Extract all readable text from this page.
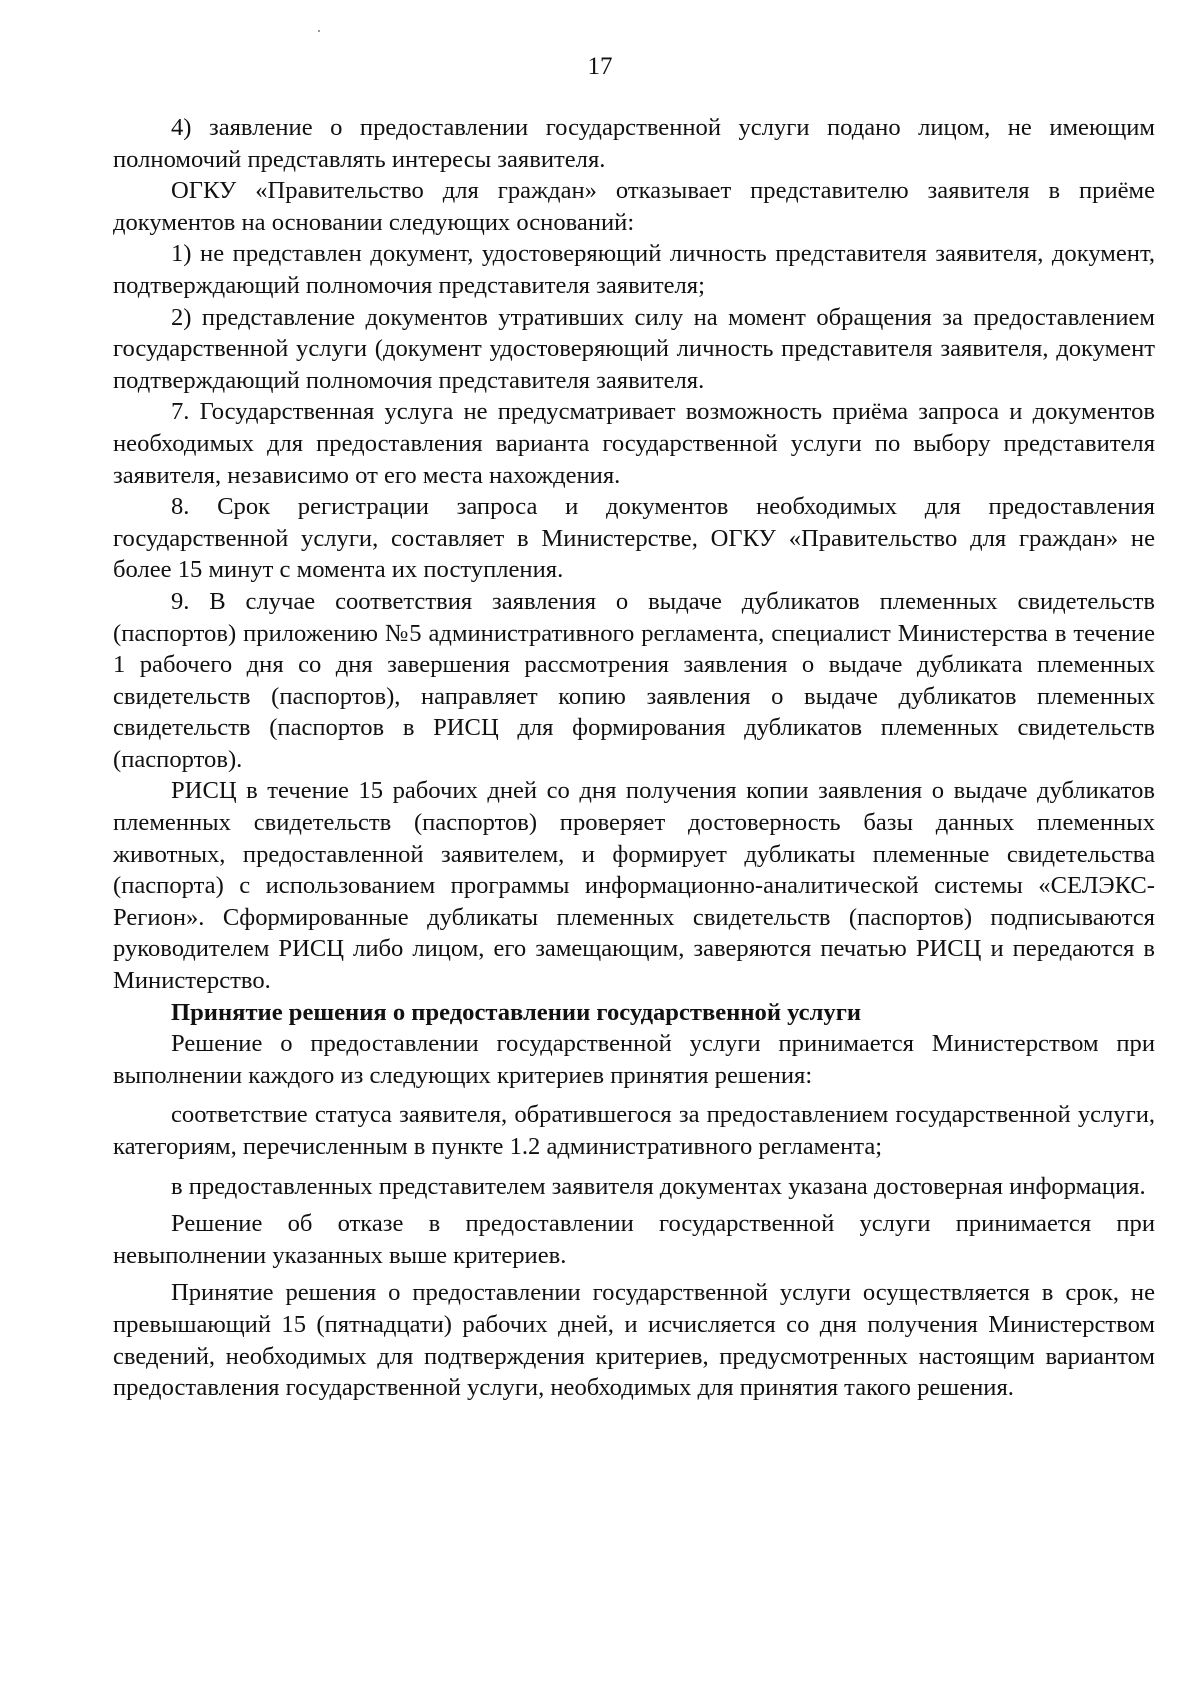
17

4) заявление о предоставлении государственной услуги подано лицом, не имеющим полномочий представлять интересы заявителя.

ОГКУ «Правительство для граждан» отказывает представителю заявителя в приёме документов на основании следующих оснований:

1) не представлен документ, удостоверяющий личность представителя заявителя, документ, подтверждающий полномочия представителя заявителя;

2) представление документов утративших силу на момент обращения за предоставлением государственной услуги (документ удостоверяющий личность представителя заявителя, документ подтверждающий полномочия представителя заявителя.

7. Государственная услуга не предусматривает возможность приёма запроса и документов необходимых для предоставления варианта государственной услуги по выбору представителя заявителя, независимо от его места нахождения.

8. Срок регистрации запроса и документов необходимых для предоставления государственной услуги, составляет в Министерстве, ОГКУ «Правительство для граждан» не более 15 минут с момента их поступления.

9. В случае соответствия заявления о выдаче дубликатов племенных свидетельств (паспортов) приложению №5 административного регламента, специалист Министерства в течение 1 рабочего дня со дня завершения рассмотрения заявления о выдаче дубликата племенных свидетельств (паспортов), направляет копию заявления о выдаче дубликатов племенных свидетельств (паспортов в РИСЦ для формирования дубликатов племенных свидетельств (паспортов).

РИСЦ в течение 15 рабочих дней со дня получения копии заявления о выдаче дубликатов племенных свидетельств (паспортов) проверяет достоверность базы данных племенных животных, предоставленной заявителем, и формирует дубликаты племенные свидетельства (паспорта) с использованием программы информационно-аналитической системы «СЕЛЭКС-Регион». Сформированные дубликаты племенных свидетельств (паспортов) подписываются руководителем РИСЦ либо лицом, его замещающим, заверяются печатью РИСЦ и передаются в Министерство.

Принятие решения о предоставлении государственной услуги

Решение о предоставлении государственной услуги принимается Министерством при выполнении каждого из следующих критериев принятия решения:

соответствие статуса заявителя, обратившегося за предоставлением государственной услуги, категориям, перечисленным в пункте 1.2 административного регламента;

в предоставленных представителем заявителя документах указана достоверная информация.

Решение об отказе в предоставлении государственной услуги принимается при невыполнении указанных выше критериев.

Принятие решения о предоставлении государственной услуги осуществляется в срок, не превышающий 15 (пятнадцати) рабочих дней, и исчисляется со дня получения Министерством сведений, необходимых для подтверждения критериев, предусмотренных настоящим вариантом предоставления государственной услуги, необходимых для принятия такого решения.
